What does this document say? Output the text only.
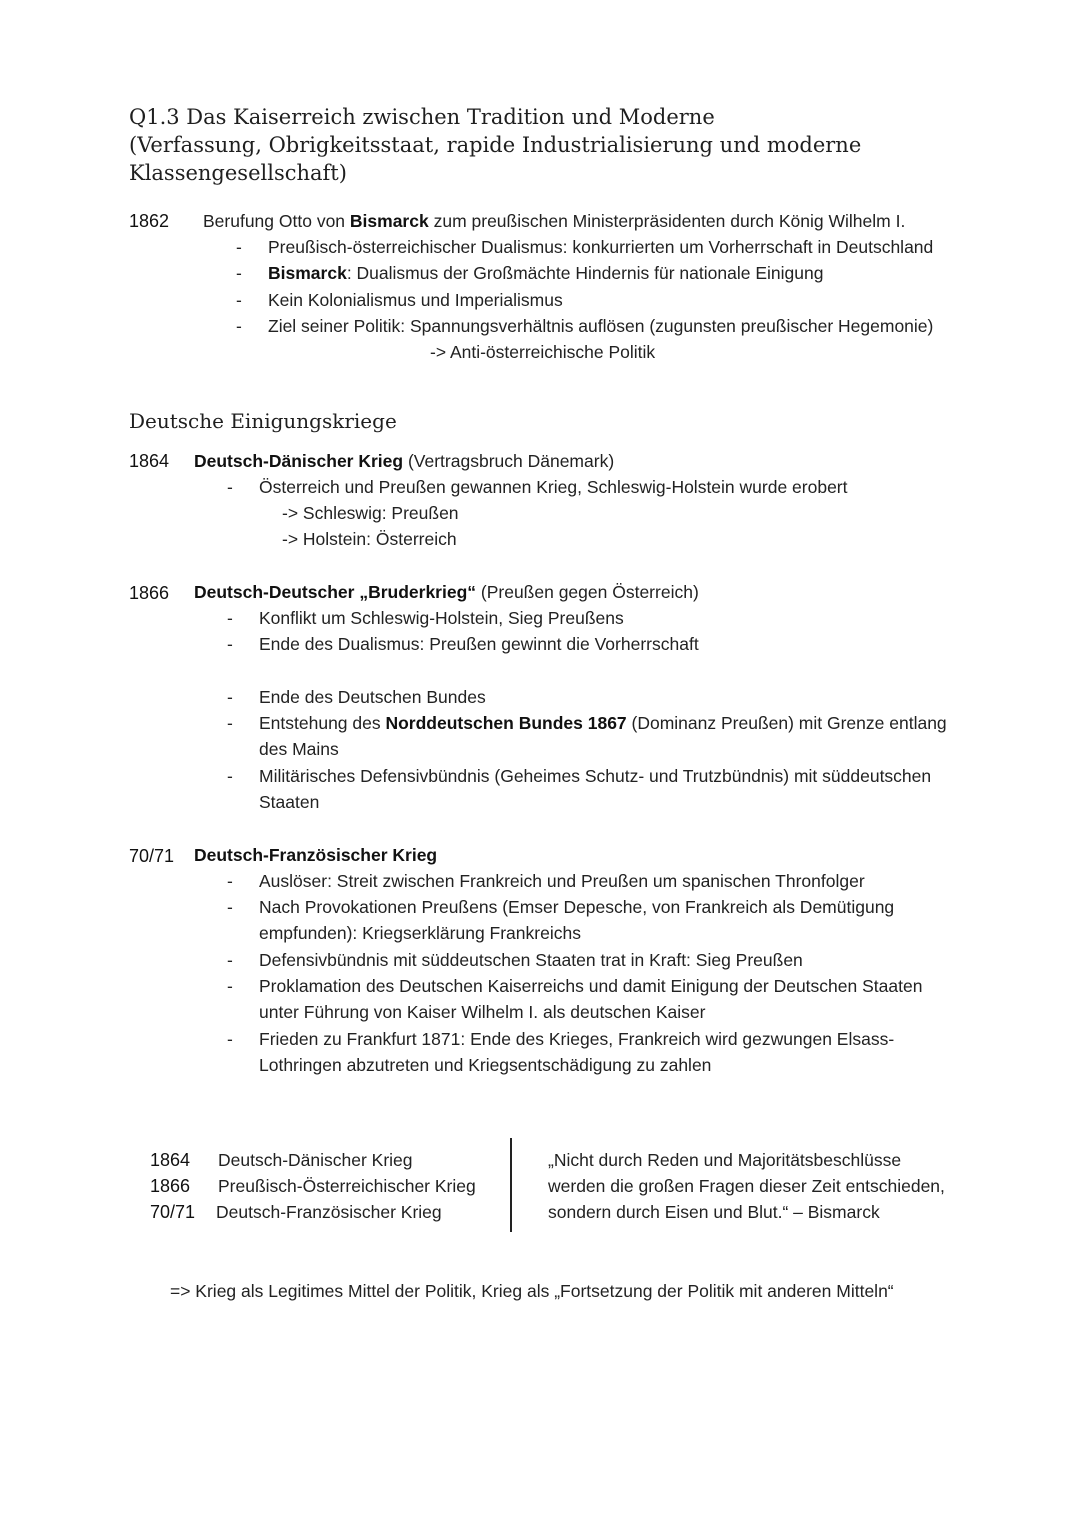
Q1.3 Das Kaiserreich zwischen Tradition und Moderne
(Verfassung, Obrigkeitsstaat, rapide Industrialisierung und moderne
Klassengesellschaft)
1862 Berufung Otto von Bismarck zum preußischen Ministerpräsidenten durch König Wilhelm I.
- Preußisch-österreichischer Dualismus: konkurrierten um Vorherrschaft in Deutschland
- Bismarck: Dualismus der Großmächte Hindernis für nationale Einigung
- Kein Kolonialismus und Imperialismus
- Ziel seiner Politik: Spannungsverhältnis auflösen (zugunsten preußischer Hegemonie)
-> Anti-österreichische Politik
Deutsche Einigungskriege
1864 Deutsch-Dänischer Krieg (Vertragsbruch Dänemark)
- Österreich und Preußen gewannen Krieg, Schleswig-Holstein wurde erobert
-> Schleswig: Preußen
-> Holstein: Österreich
1866 Deutsch-Deutscher „Bruderkrieg“ (Preußen gegen Österreich)
- Konflikt um Schleswig-Holstein, Sieg Preußens
- Ende des Dualismus: Preußen gewinnt die Vorherrschaft
- Ende des Deutschen Bundes
- Entstehung des Norddeutschen Bundes 1867 (Dominanz Preußen) mit Grenze entlang
des Mains
- Militärisches Defensivbündnis (Geheimes Schutz- und Trutzbündnis) mit süddeutschen
Staaten
70/71 Deutsch-Französischer Krieg
- Auslöser: Streit zwischen Frankreich und Preußen um spanischen Thronfolger
- Nach Provokationen Preußens (Emser Depesche, von Frankreich als Demütigung
empfunden): Kriegserklärung Frankreichs
- Defensivbündnis mit süddeutschen Staaten trat in Kraft: Sieg Preußen
- Proklamation des Deutschen Kaiserreichs und damit Einigung der Deutschen Staaten
unter Führung von Kaiser Wilhelm I. als deutschen Kaiser
- Frieden zu Frankfurt 1871: Ende des Krieges, Frankreich wird gezwungen Elsass-
Lothringen abzutreten und Kriegsentschädigung zu zahlen
1864 Deutsch-Dänischer Krieg
1866 Preußisch-Österreichischer Krieg
70/71 Deutsch-Französischer Krieg
„Nicht durch Reden und Majoritätsbeschlüsse
werden die großen Fragen dieser Zeit entschieden,
sondern durch Eisen und Blut.“ – Bismarck
=> Krieg als Legitimes Mittel der Politik, Krieg als „Fortsetzung der Politik mit anderen Mitteln“
